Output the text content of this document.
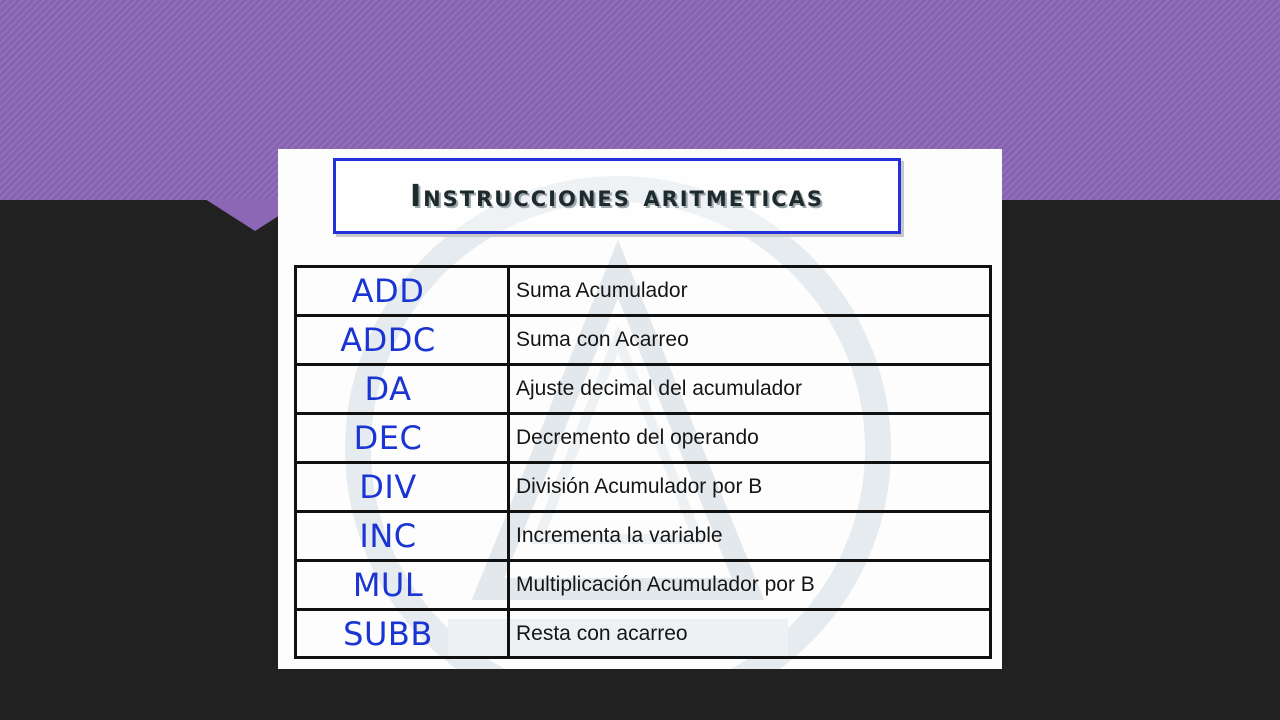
Instrucciones aritmeticas
ADD	Suma Acumulador
ADDC	Suma con Acarreo
DA	Ajuste decimal del acumulador
DEC	Decremento del operando
DIV	División Acumulador por B
INC	Incrementa la variable
MUL	Multiplicación Acumulador por B
SUBB	Resta con acarreo
